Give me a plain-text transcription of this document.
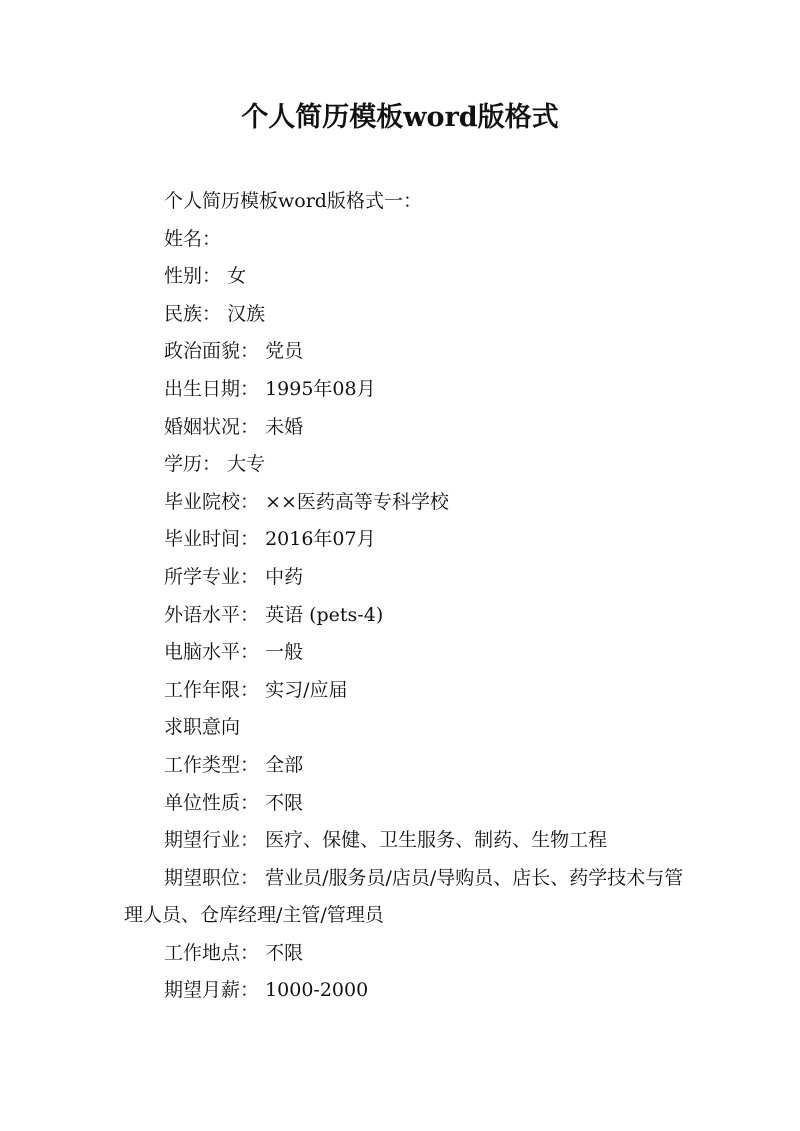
个人简历模板word版格式

个人简历模板word版格式一：

姓名：

性别： 女

民族： 汉族

政治面貌： 党员

出生日期： 1995年08月

婚姻状况： 未婚

学历： 大专

毕业院校： ××医药高等专科学校

毕业时间： 2016年07月

所学专业： 中药

外语水平： 英语 (pets-4)

电脑水平： 一般

工作年限： 实习/应届

求职意向

工作类型： 全部

单位性质： 不限

期望行业： 医疗、保健、卫生服务、制药、生物工程

期望职位： 营业员/服务员/店员/导购员、店长、药学技术与管理人员、仓库经理/主管/管理员

工作地点： 不限

期望月薪： 1000-2000
